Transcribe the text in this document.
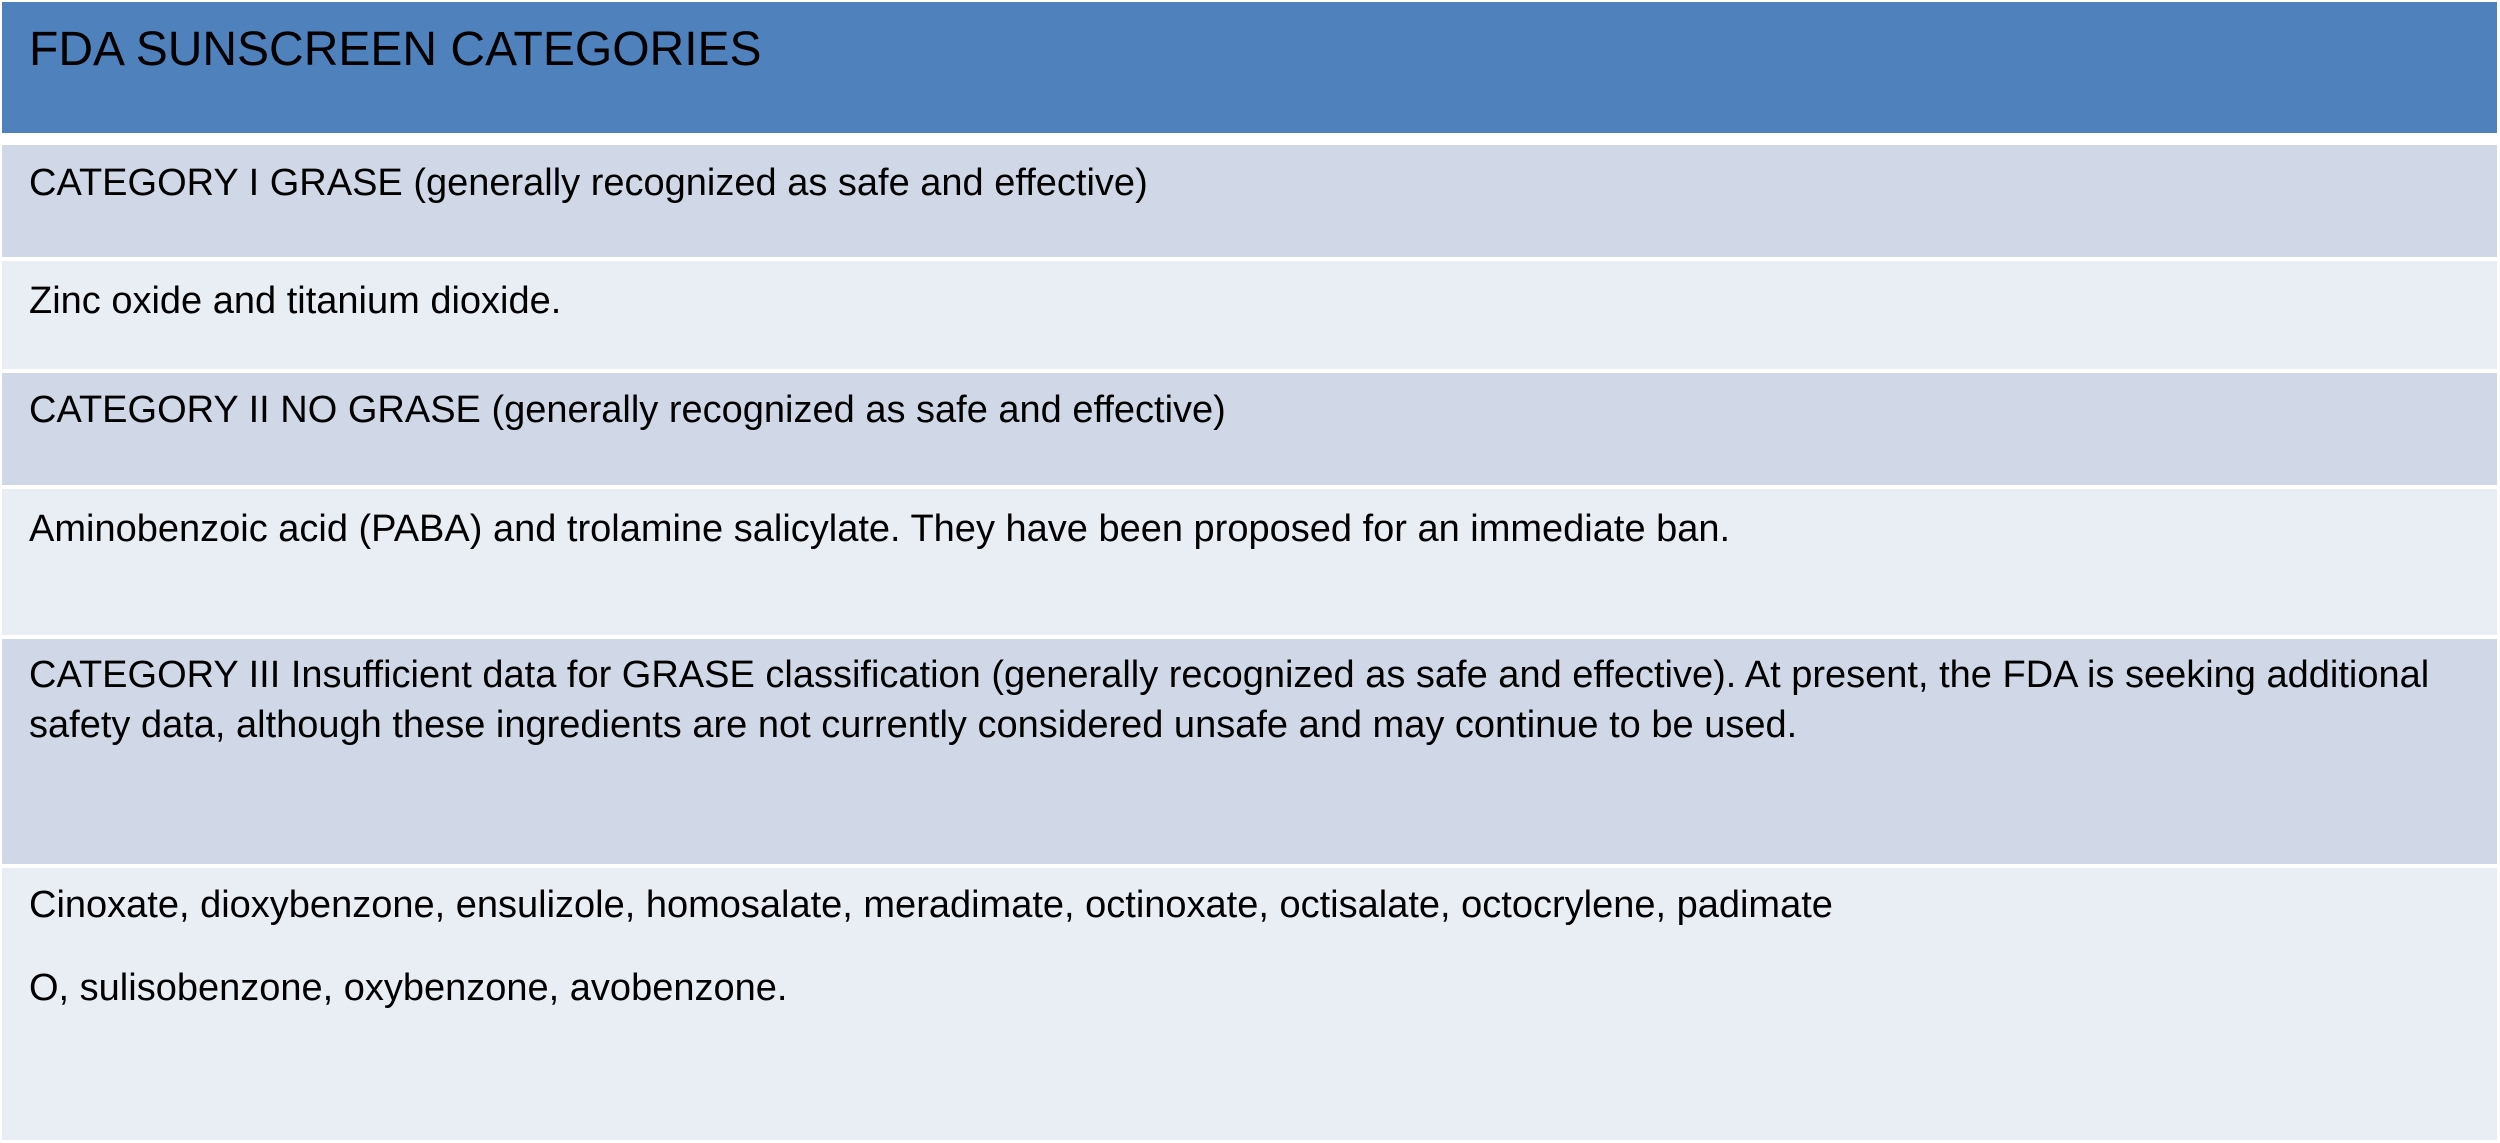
FDA SUNSCREEN CATEGORIES

CATEGORY I GRASE (generally recognized as safe and effective)

Zinc oxide and titanium dioxide.

CATEGORY II NO GRASE (generally recognized as safe and effective)

Aminobenzoic acid (PABA) and trolamine salicylate. They have been proposed for an immediate ban.

CATEGORY III Insufficient data for GRASE classification (generally recognized as safe and effective). At present, the FDA is seeking additional  safety data, although these ingredients are not currently considered unsafe and may continue to be used.

Cinoxate, dioxybenzone, ensulizole, homosalate, meradimate, octinoxate, octisalate, octocrylene, padimate

O, sulisobenzone, oxybenzone, avobenzone.
